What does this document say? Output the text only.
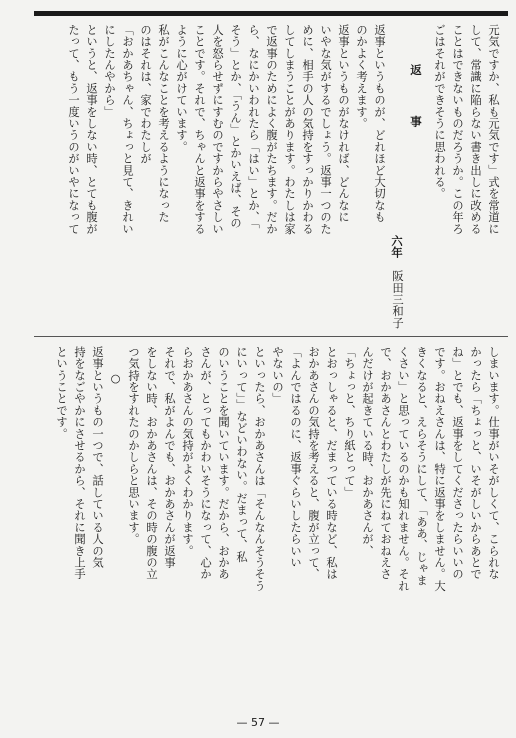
元気ですか、私も元気です」式を常道に
して、常識に陥らない書き出しに改める
ことはできないものだろうか。この年ろ
ごはそれができそうに思われる。
返 事
六年　阪田三和子
返事というものが、どれほど大切なも
のかよく考えます。
返事というものがなければ、どんなに
いやな気がするでしょう。返事一つのた
めに、相手の人の気持をすっかりかわる
してしまうことがあります。わたしは家
で返事のためによく腹がたちます。だか
ら、なにかいわれたら「はい」とか、「
そう」とか、「うん」とかいえば、その
人を怒らせずにすむのですからやさしい
ことです。それで、ちゃんと返事をする
ように心がけています。
私がこんなことを考えるようになった
のはそれは、家でわたしが
「おかあちゃん、ちょっと見て、きれい
にしたんやから」
というと、返事をしない時、とても腹が
たって、もう一度いうのがいやになって
しまいます。仕事がいそがしくて、こられな
かったら「ちょっと、いそがしいからあとで
ね」とでも、返事をしてくださったらいいの
です。おねえさんは、特に返事をしません。大
きくなると、えらそうにして、「ああ、じゃま
くさい」と思っているのかも知れません。それ
で、おかあさんとわたしが先にねておねえさ
んだけが起きている時、おかあさんが、
「ちょっと、ちり紙とって」
とおっしゃると、だまっている時など、私は
おかあさんの気持を考えると、腹が立って、
「よんではるのに、返事ぐらいしたらいい
やないの」
といったら、おかあさんは「そんなんそうそう
にいって」」などいわない。だまって、私
のいうことを聞いています。だから、おかあ
さんが、とってもかわいそうになって、心か
らおかあさんの気持がよくわかります。
それで、私がよんでも、おかあさんが返事
をしない時、おかあさんは、その時の腹の立
つ気持をすれたのかしらと思います。
○
返事というもの一つで、話している人の気
持をなごやかにさせるから、それに聞き上手
ということです。
— 57 —
